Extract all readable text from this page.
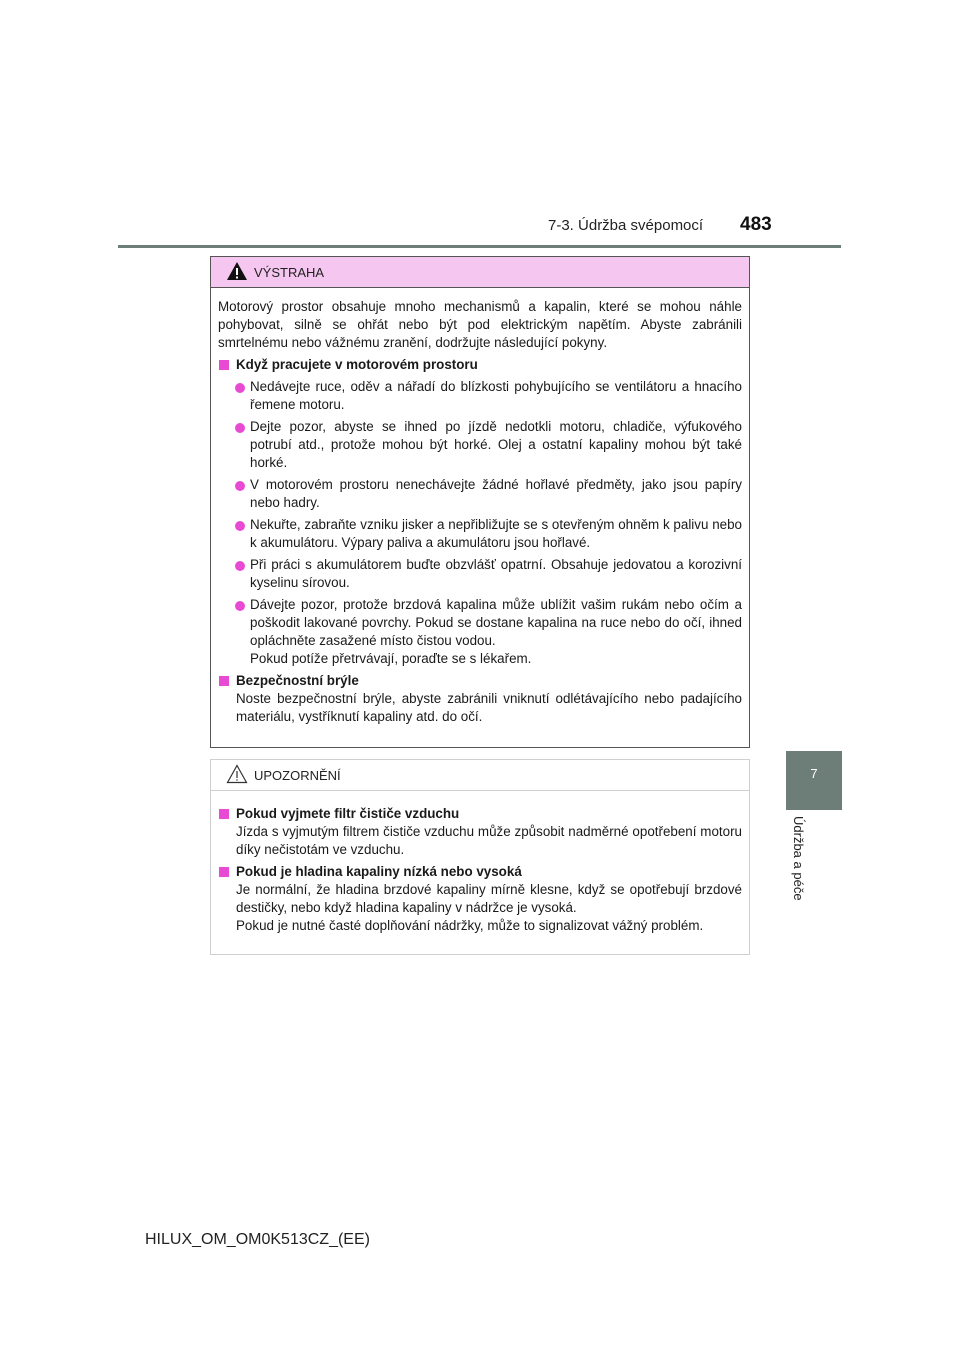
7-3. Údržba svépomocí 483
7
Údržba a péče
VÝSTRAHA

Motorový prostor obsahuje mnoho mechanismů a kapalin, které se mohou náhle pohybovat, silně se ohřát nebo být pod elektrickým napětím. Abyste zabránili smrtelnému nebo vážnému zranění, dodržujte následující pokyny.

Když pracujete v motorovém prostoru

Nedávejte ruce, oděv a nářadí do blízkosti pohybujícího se ventilátoru a hnacího řemene motoru.

Dejte pozor, abyste se ihned po jízdě nedotkli motoru, chladiče, výfukového potrubí atd., protože mohou být horké. Olej a ostatní kapaliny mohou být také horké.

V motorovém prostoru nenechávejte žádné hořlavé předměty, jako jsou papíry nebo hadry.

Nekuřte, zabraňte vzniku jisker a nepřibližujte se s otevřeným ohněm k palivu nebo k akumulátoru. Výpary paliva a akumulátoru jsou hořlavé.

Při práci s akumulátorem buďte obzvlášť opatrní. Obsahuje jedovatou a korozivní kyselinu sírovou.

Dávejte pozor, protože brzdová kapalina může ublížit vašim rukám nebo očím a poškodit lakované povrchy. Pokud se dostane kapalina na ruce nebo do očí, ihned opláchněte zasažené místo čistou vodou.
Pokud potíže přetrvávají, poraďte se s lékařem.

Bezpečnostní brýle

Noste bezpečnostní brýle, abyste zabránili vniknutí odlétávajícího nebo padajícího materiálu, vystříknutí kapaliny atd. do očí.

UPOZORNĚNÍ

Pokud vyjmete filtr čističe vzduchu

Jízda s vyjmutým filtrem čističe vzduchu může způsobit nadměrné opotřebení motoru díky nečistotám ve vzduchu.

Pokud je hladina kapaliny nízká nebo vysoká

Je normální, že hladina brzdové kapaliny mírně klesne, když se opotřebují brzdové destičky, nebo když hladina kapaliny v nádržce je vysoká.

Pokud je nutné časté doplňování nádržky, může to signalizovat vážný problém.

HILUX_OM_OM0K513CZ_(EE)
